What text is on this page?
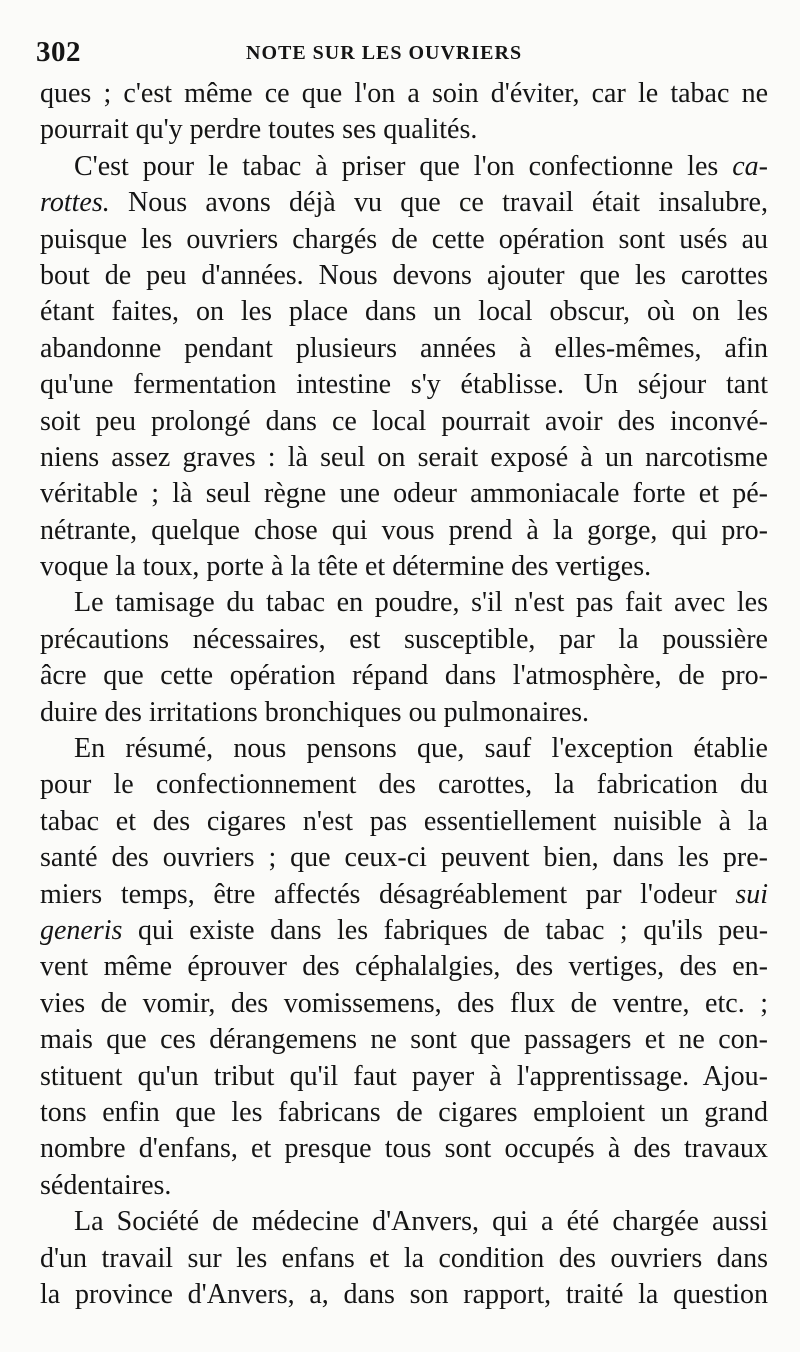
302	NOTE SUR LES OUVRIERS
ques ; c'est même ce que l'on a soin d'éviter, car le tabac ne
pourrait qu'y perdre toutes ses qualités.
C'est pour le tabac à priser que l'on confectionne les ca-
rottes. Nous avons déjà vu que ce travail était insalubre,
puisque les ouvriers chargés de cette opération sont usés au
bout de peu d'années. Nous devons ajouter que les carottes
étant faites, on les place dans un local obscur, où on les
abandonne pendant plusieurs années à elles-mêmes, afin
qu'une fermentation intestine s'y établisse. Un séjour tant
soit peu prolongé dans ce local pourrait avoir des inconvé-
niens assez graves : là seul on serait exposé à un narcotisme
véritable ; là seul règne une odeur ammoniacale forte et pé-
nétrante, quelque chose qui vous prend à la gorge, qui pro-
voque la toux, porte à la tête et détermine des vertiges.
Le tamisage du tabac en poudre, s'il n'est pas fait avec les
précautions nécessaires, est susceptible, par la poussière
âcre que cette opération répand dans l'atmosphère, de pro-
duire des irritations bronchiques ou pulmonaires.
En résumé, nous pensons que, sauf l'exception établie
pour le confectionnement des carottes, la fabrication du
tabac et des cigares n'est pas essentiellement nuisible à la
santé des ouvriers ; que ceux-ci peuvent bien, dans les pre-
miers temps, être affectés désagréablement par l'odeur sui
generis qui existe dans les fabriques de tabac ; qu'ils peu-
vent même éprouver des céphalalgies, des vertiges, des en-
vies de vomir, des vomissemens, des flux de ventre, etc. ;
mais que ces dérangemens ne sont que passagers et ne con-
stituent qu'un tribut qu'il faut payer à l'apprentissage. Ajou-
tons enfin que les fabricans de cigares emploient un grand
nombre d'enfans, et presque tous sont occupés à des travaux
sédentaires.
La Société de médecine d'Anvers, qui a été chargée aussi
d'un travail sur les enfans et la condition des ouvriers dans
la province d'Anvers, a, dans son rapport, traité la question
